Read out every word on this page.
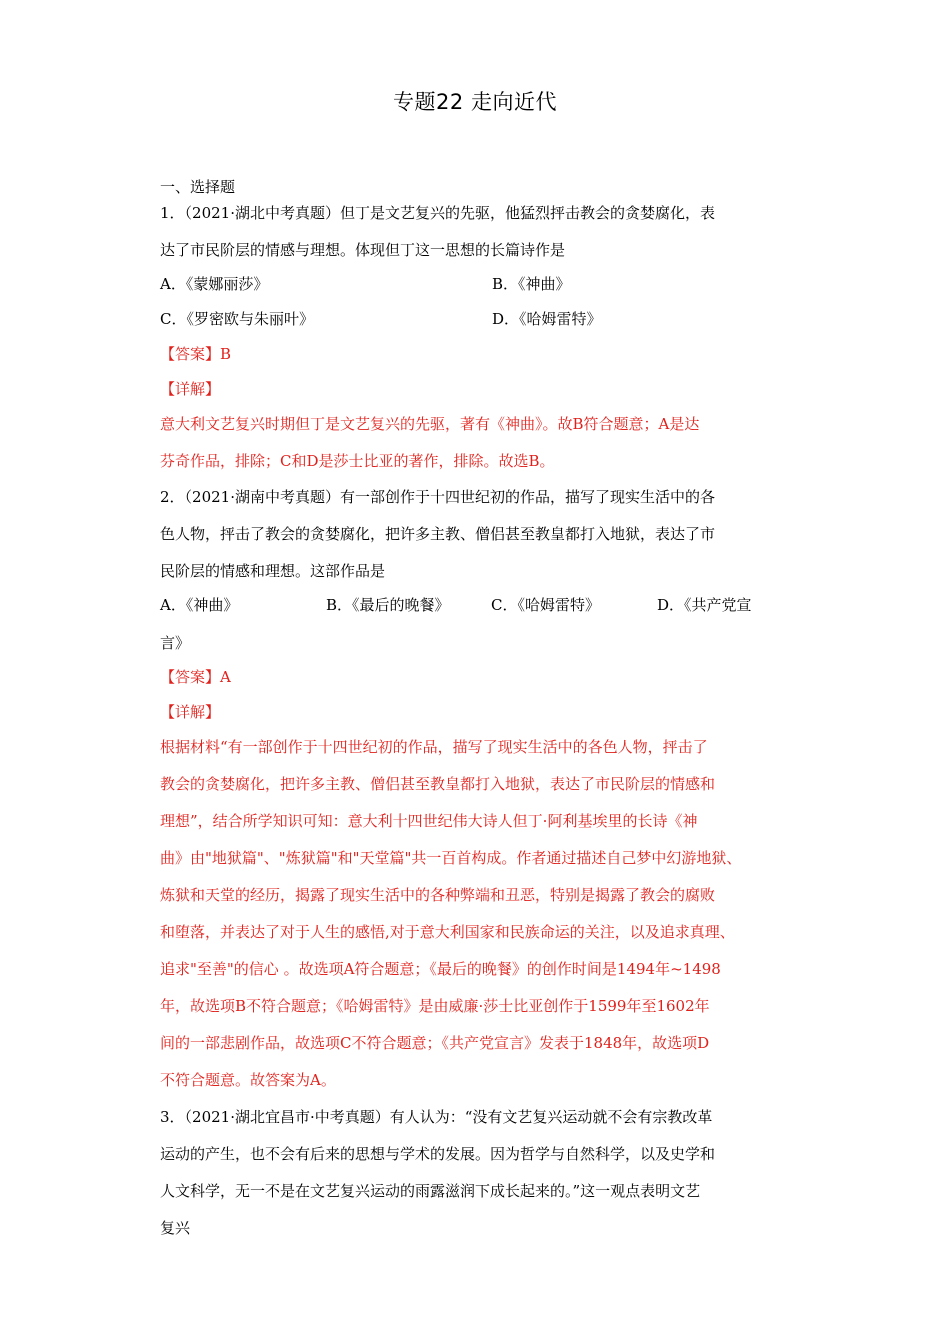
专题22 走向近代
一、选择题
1．（2021·湖北中考真题）但丁是文艺复兴的先驱，他猛烈抨击教会的贪婪腐化，表
达了市民阶层的情感与理想。体现但丁这一思想的长篇诗作是
A．《蒙娜丽莎》	B．《神曲》
C．《罗密欧与朱丽叶》	D．《哈姆雷特》
【答案】B
【详解】
意大利文艺复兴时期但丁是文艺复兴的先驱，著有《神曲》。故B符合题意；A是达
芬奇作品，排除；C和D是莎士比亚的著作，排除。故选B。
2．（2021·湖南中考真题）有一部创作于十四世纪初的作品，描写了现实生活中的各
色人物，抨击了教会的贪婪腐化，把许多主教、僧侣甚至教皇都打入地狱，表达了市
民阶层的情感和理想。这部作品是
A．《神曲》	B．《最后的晚餐》	C．《哈姆雷特》	D．《共产党宣
言》
【答案】A
【详解】
根据材料“有一部创作于十四世纪初的作品，描写了现实生活中的各色人物，抨击了
教会的贪婪腐化，把许多主教、僧侣甚至教皇都打入地狱，表达了市民阶层的情感和
理想”，结合所学知识可知：意大利十四世纪伟大诗人但丁·阿利基埃里的长诗《神
曲》由"地狱篇"、"炼狱篇"和"天堂篇"共一百首构成。作者通过描述自己梦中幻游地狱、
炼狱和天堂的经历，揭露了现实生活中的各种弊端和丑恶，特别是揭露了教会的腐败
和堕落，并表达了对于人生的感悟,对于意大利国家和民族命运的关注，以及追求真理、
追求"至善"的信心 。故选项A符合题意；《最后的晚餐》的创作时间是1494年~1498
年，故选项B不符合题意；《哈姆雷特》是由威廉·莎士比亚创作于1599年至1602年
间的一部悲剧作品，故选项C不符合题意；《共产党宣言》发表于1848年，故选项D
不符合题意。故答案为A。
3．（2021·湖北宜昌市·中考真题）有人认为：“没有文艺复兴运动就不会有宗教改革
运动的产生，也不会有后来的思想与学术的发展。因为哲学与自然科学，以及史学和
人文科学，无一不是在文艺复兴运动的雨露滋润下成长起来的。”这一观点表明文艺
复兴
